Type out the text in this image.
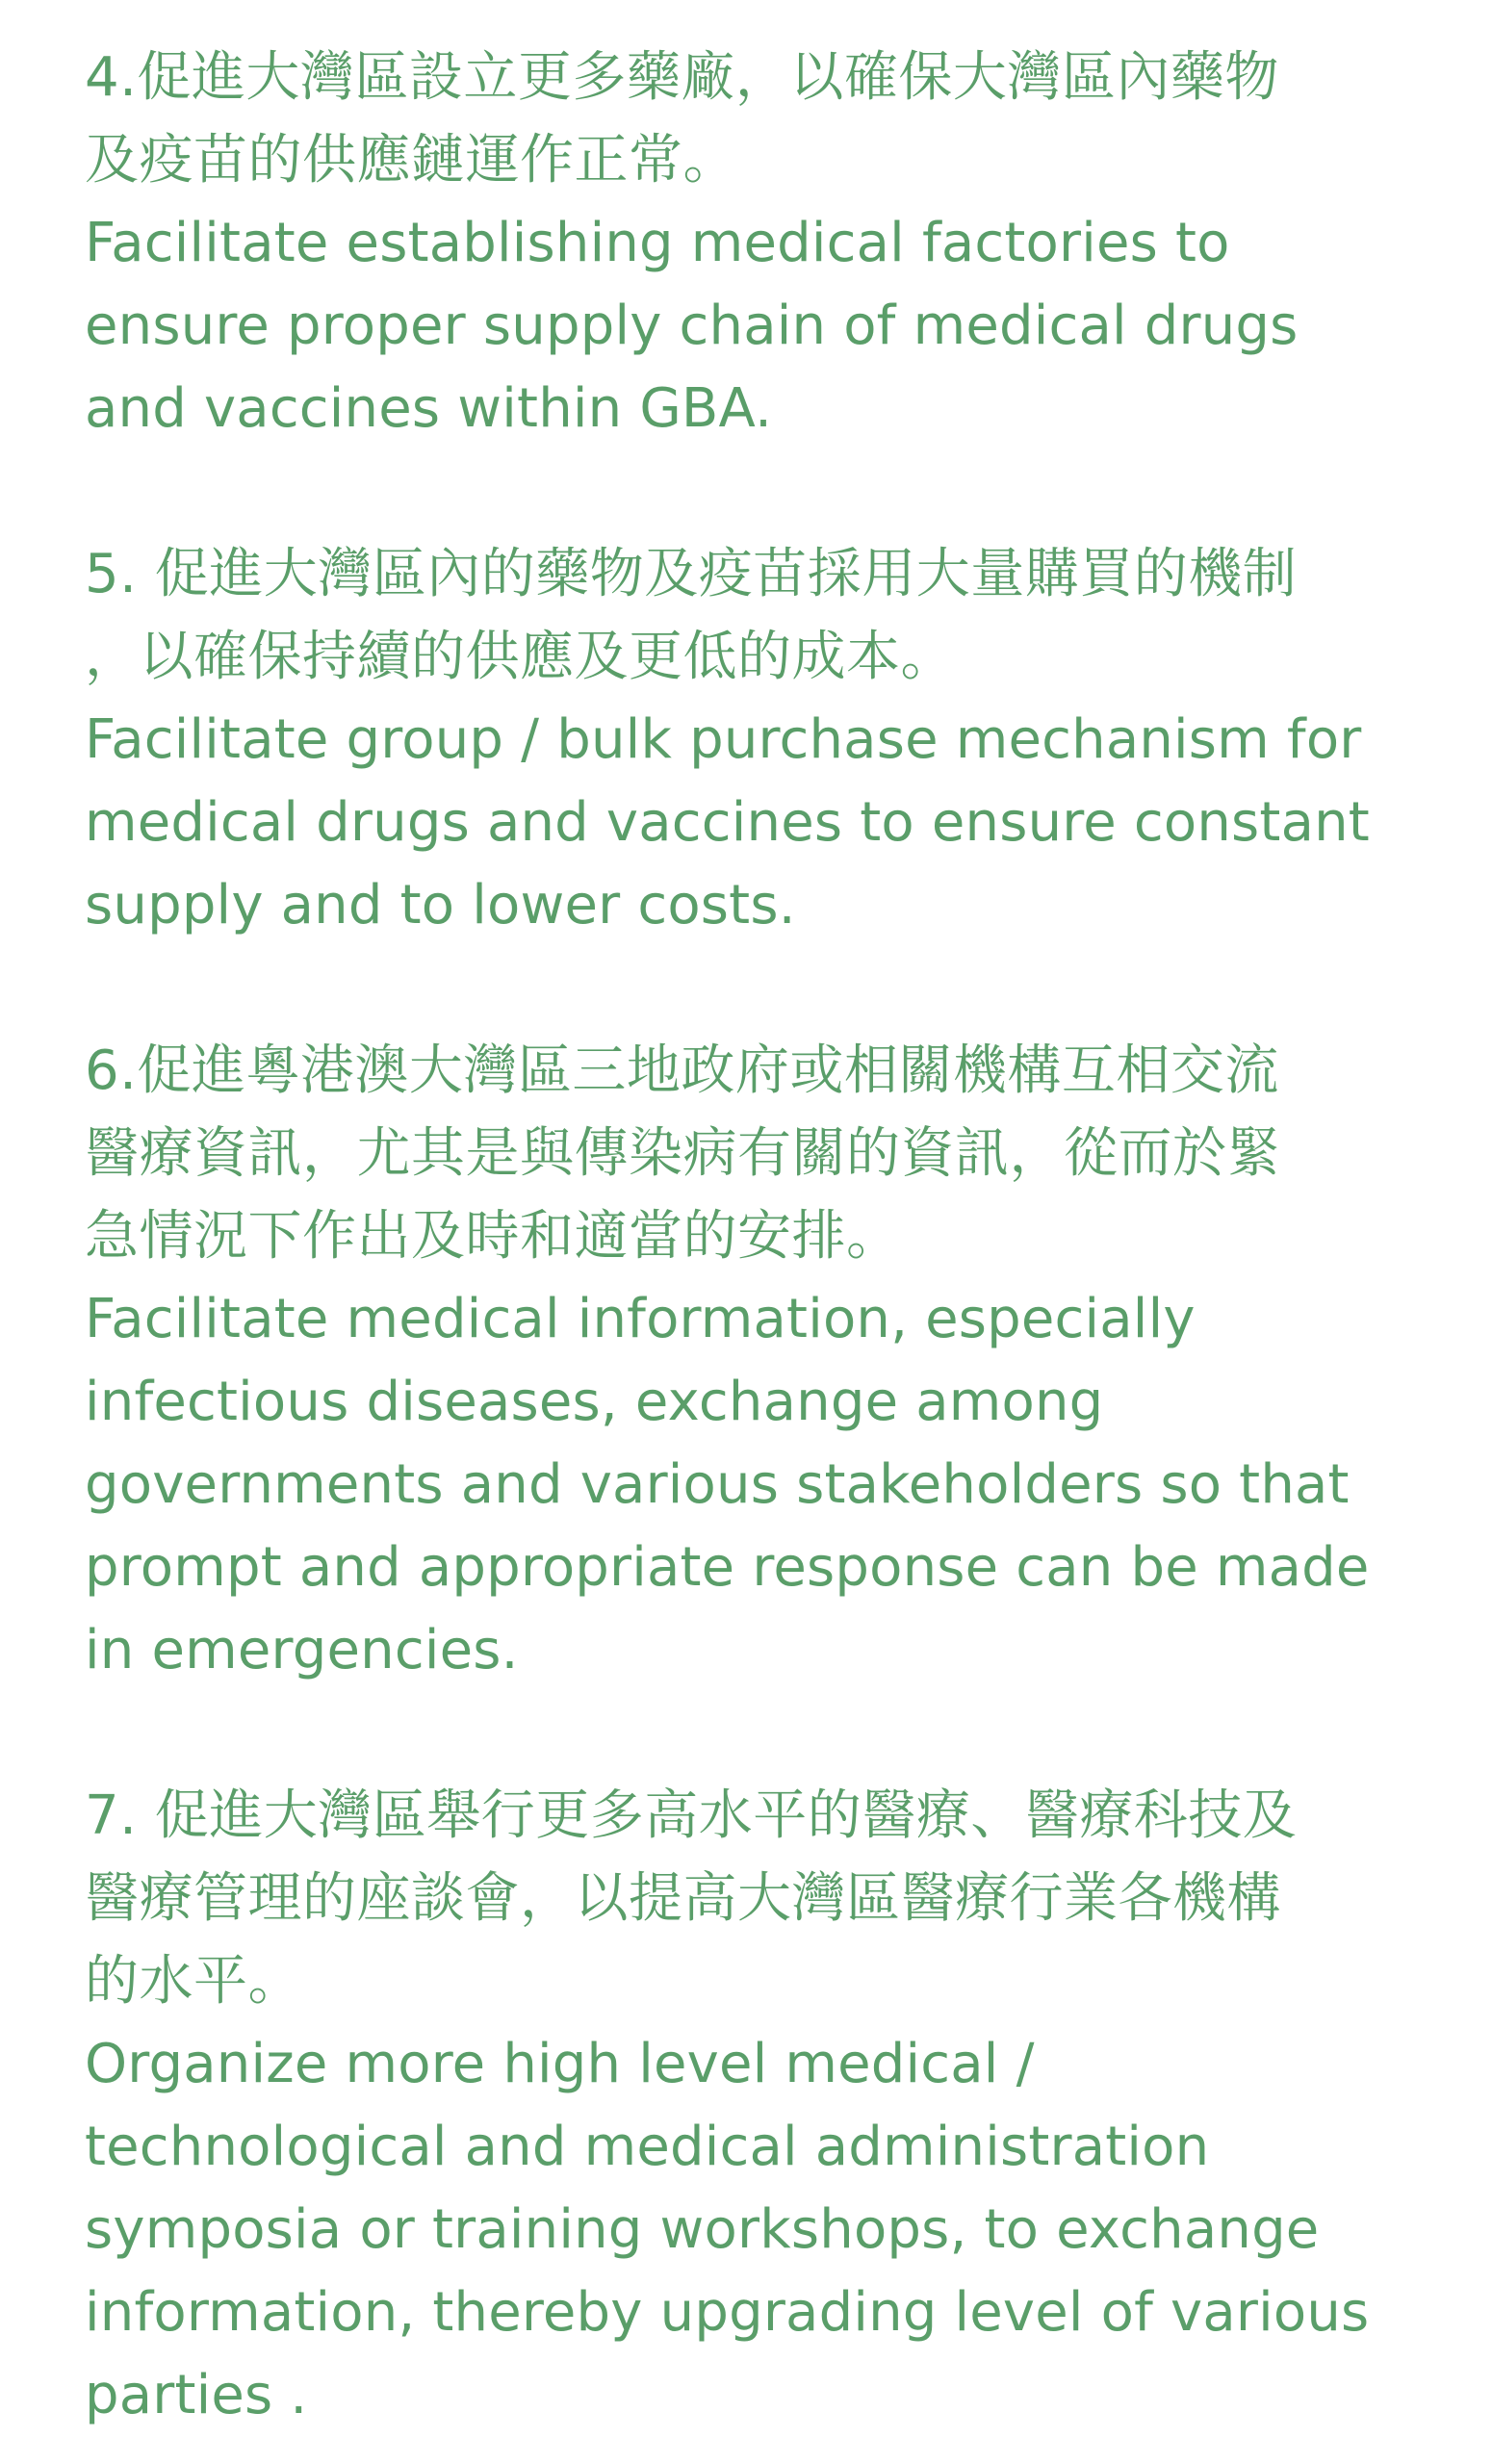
4.促進大灣區設立更多藥廠，以確保大灣區內藥物
及疫苗的供應鏈運作正常。

Facilitate establishing medical factories to
ensure proper supply chain of medical drugs
and vaccines within GBA.

5. 促進大灣區內的藥物及疫苗採用大量購買的機制
，以確保持續的供應及更低的成本。

Facilitate group / bulk purchase mechanism for
medical drugs and vaccines to ensure constant
supply and to lower costs.

6.促進粵港澳大灣區三地政府或相關機構互相交流
醫療資訊，尤其是與傳染病有關的資訊，從而於緊
急情況下作出及時和適當的安排。

Facilitate medical information, especially
infectious diseases, exchange among
governments and various stakeholders so that
prompt and appropriate response can be made
in emergencies.

7. 促進大灣區舉行更多高水平的醫療、醫療科技及
醫療管理的座談會，以提高大灣區醫療行業各機構
的水平。

Organize more high level medical /
technological and medical administration
symposia or training workshops, to exchange
information, thereby upgrading level of various
parties .
